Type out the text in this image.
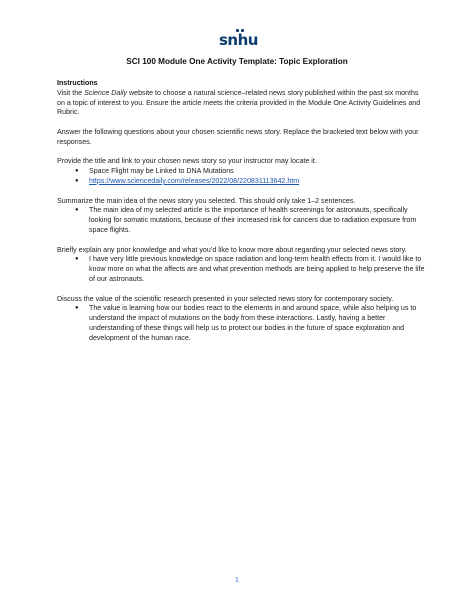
snhu
SCI 100 Module One Activity Template: Topic Exploration

Instructions

Visit the Science Daily website to choose a natural science–related news story published within the past six months on a topic of interest to you. Ensure the article meets the criteria provided in the Module One Activity Guidelines and Rubric.

Answer the following questions about your chosen scientific news story. Replace the bracketed text below with your responses.

Provide the title and link to your chosen news story so your instructor may locate it.

● Space Flight may be Linked to DNA Mutations
● https://www.sciencedaily.com/releases/2022/08/220831113642.htm

Summarize the main idea of the news story you selected. This should only take 1–2 sentences.

● The main idea of my selected article is the importance of health screenings for astronauts, specifically looking for somatic mutations, because of their increased risk for cancers due to radiation exposure from space flights.

Briefly explain any prior knowledge and what you’d like to know more about regarding your selected news story.

● I have very little previous knowledge on space radiation and long-term health effects from it. I would like to know more on what the affects are and what prevention methods are being applied to help preserve the life of our astronauts.

Discuss the value of the scientific research presented in your selected news story for contemporary society.

● The value is learning how our bodies react to the elements in and around space, while also helping us to understand the impact of mutations on the body from these interactions. Lastly, having a better understanding of these things will help us to protect our bodies in the future of space exploration and development of the human race.
1
